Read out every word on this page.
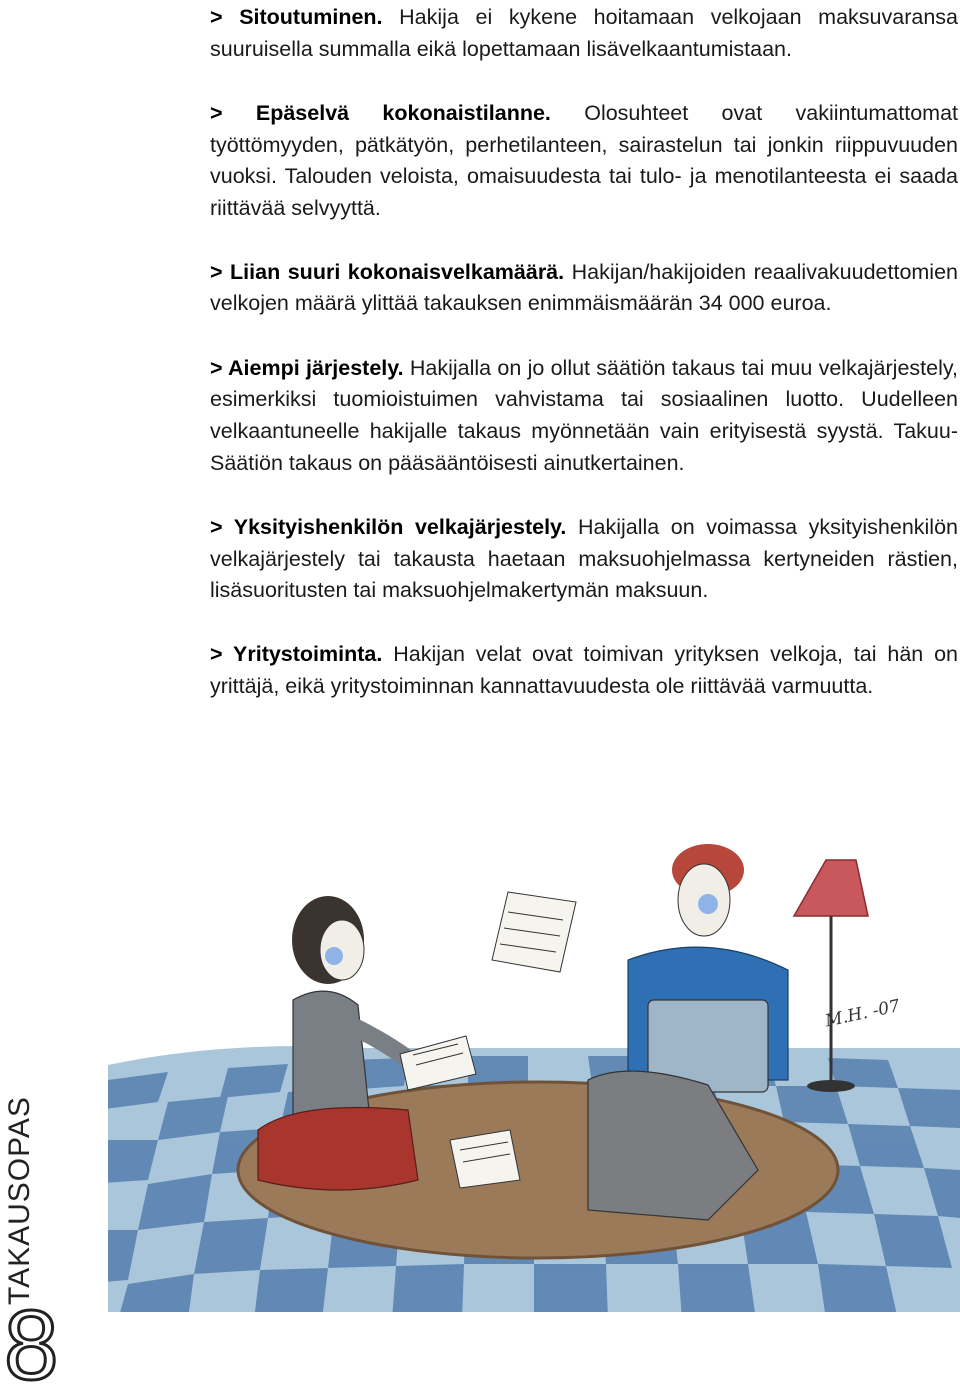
> Sitoutuminen. Hakija ei kykene hoitamaan velkojaan maksuvaransa suuruisella summalla eikä lopettamaan lisävelkaantumistaan.

> Epäselvä kokonaistilanne. Olosuhteet ovat vakiintumattomat työttömyyden, pätkätyön, perhetilanteen, sairastelun tai jonkin riippuvuuden vuoksi. Talouden veloista, omaisuudesta tai tulo- ja menotilanteesta ei saada riittävää selvyyttä.

> Liian suuri kokonaisvelkamäärä. Hakijan/hakijoiden reaalivakuudettomien velkojen määrä ylittää takauksen enimmäismäärän 34 000 euroa.

> Aiempi järjestely. Hakijalla on jo ollut säätiön takaus tai muu velkajärjestely, esimerkiksi tuomioistuimen vahvistama tai sosiaalinen luotto. Uudelleen velkaantuneelle hakijalle takaus myönnetään vain erityisestä syystä. Takuu-Säätiön takaus on pääsääntöisesti ainutkertainen.

> Yksityishenkilön velkajärjestely. Hakijalla on voimassa yksityishenkilön velkajärjestely tai takausta haetaan maksuohjelmassa kertyneiden rästien, lisäsuoritusten tai maksuohjelmakertymän maksuun.

> Yritystoiminta. Hakijan velat ovat toimivan yrityksen velkoja, tai hän on yrittäjä, eikä yritystoiminnan kannattavuudesta ole riittävää varmuutta.

M.H. -07
TAKAUSOPAS
8
